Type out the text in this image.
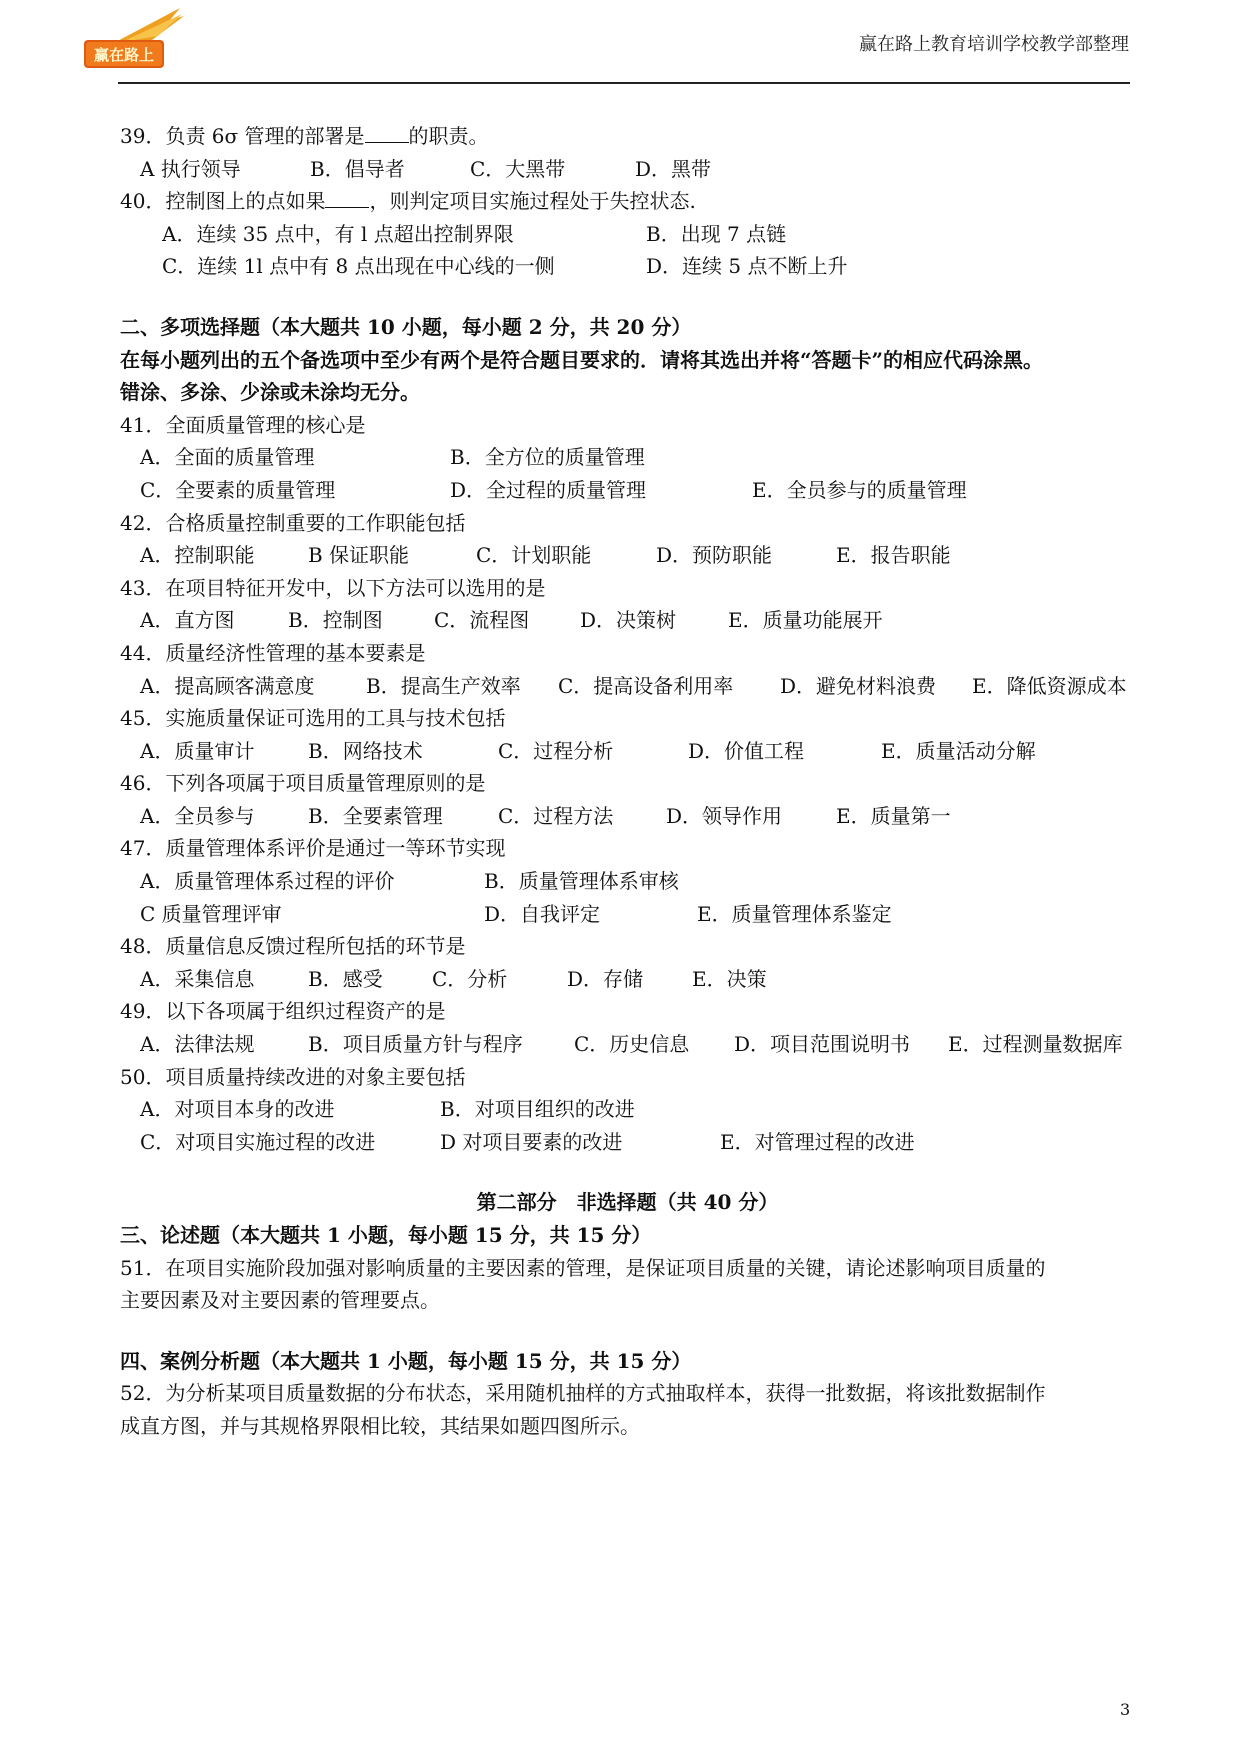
赢在路上	赢在路上教育培训学校教学部整理
39．负责 6σ 管理的部署是 的职责。
A 执行领导	B．倡导者	C．大黑带	D．黑带
40．控制图上的点如果 ，则判定项目实施过程处于失控状态.
A．连续 35 点中，有 l 点超出控制界限	B．出现 7 点链
C．连续 1l 点中有 8 点出现在中心线的一侧	D．连续 5 点不断上升
二、多项选择题（本大题共 10 小题，每小题 2 分，共 20 分）
在每小题列出的五个备选项中至少有两个是符合题目要求的．请将其选出并将“答题卡”的相应代码涂黑。
错涂、多涂、少涂或未涂均无分。
41．全面质量管理的核心是
A．全面的质量管理	B．全方位的质量管理
C．全要素的质量管理	D．全过程的质量管理	E．全员参与的质量管理
42．合格质量控制重要的工作职能包括
A．控制职能	B 保证职能	C．计划职能	D．预防职能	E．报告职能
43．在项目特征开发中，以下方法可以选用的是
A．直方图	B．控制图	C．流程图	D．决策树	E．质量功能展开
44．质量经济性管理的基本要素是
A．提高顾客满意度	B．提高生产效率 C．提高设备利用率 D．避免材料浪费 E．降低资源成本
45．实施质量保证可选用的工具与技术包括
A．质量审计	B．网络技术	C．过程分析	D．价值工程	E．质量活动分解
46．下列各项属于项目质量管理原则的是
A．全员参与	B．全要素管理	C．过程方法	D．领导作用	E．质量第一
47．质量管理体系评价是通过一等环节实现
A．质量管理体系过程的评价	B．质量管理体系审核
C 质量管理评审	D．自我评定	E．质量管理体系鉴定
48．质量信息反馈过程所包括的环节是
A．采集信息	B．感受 C．分析	D．存储 E．决策
49．以下各项属于组织过程资产的是
A．法律法规	B．项目质量方针与程序	C．历史信息 D．项目范围说明书 E．过程测量数据库
50．项目质量持续改进的对象主要包括
A．对项目本身的改进	B．对项目组织的改进
C．对项目实施过程的改进	D 对项目要素的改进	E．对管理过程的改进
第二部分　非选择题（共 40 分）
三、论述题（本大题共 1 小题，每小题 15 分，共 15 分）
51．在项目实施阶段加强对影响质量的主要因素的管理，是保证项目质量的关键，请论述影响项目质量的
主要因素及对主要因素的管理要点。
四、案例分析题（本大题共 1 小题，每小题 15 分，共 15 分）
52．为分析某项目质量数据的分布状态，采用随机抽样的方式抽取样本，获得一批数据，将该批数据制作
成直方图，并与其规格界限相比较，其结果如题四图所示。
3
